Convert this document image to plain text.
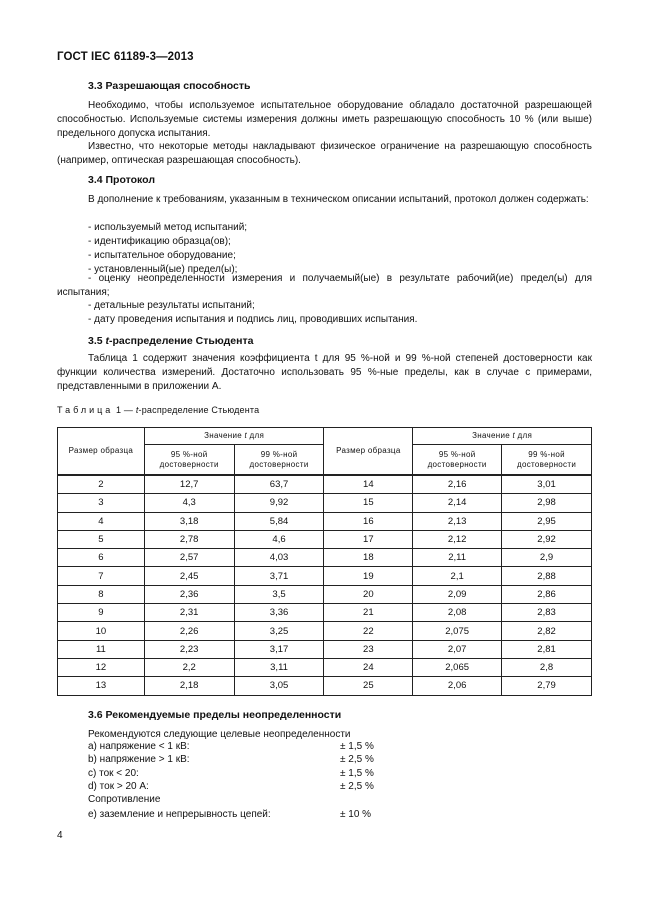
ГОСТ IEC 61189-3—2013
3.3 Разрешающая способность
Необходимо, чтобы используемое испытательное оборудование обладало достаточной разрешающей способностью. Используемые системы измерения должны иметь разрешающую способность 10 % (или выше) предельного допуска испытания.
Известно, что некоторые методы накладывают физическое ограничение на разрешающую способность (например, оптическая разрешающая способность).
3.4 Протокол
В дополнение к требованиям, указанным в техническом описании испытаний, протокол должен содержать:
- используемый метод испытаний;
- идентификацию образца(ов);
- испытательное оборудование;
- установленный(ые) предел(ы);
- оценку неопределенности измерения и получаемый(ые) в результате рабочий(ие) предел(ы) для испытания;
- детальные результаты испытаний;
- дату проведения испытания и подпись лиц, проводивших испытания.
3.5 t-распределение Стьюдента
Таблица 1 содержит значения коэффициента t для 95 %-ной и 99 %-ной степеней достоверности как функции количества измерений. Достаточно использовать 95 %-ные пределы, как в случае с примерами, представленными в приложении А.
Таблица 1 — t-распределение Стьюдента
Размер образца	Значение t для		Размер образца	Значение t для	
	95 %-ной достоверности	99 %-ной достоверности		95 %-ной достоверности	99 %-ной достоверности
2	12,7	63,7	14	2,16	3,01
3	4,3	9,92	15	2,14	2,98
4	3,18	5,84	16	2,13	2,95
5	2,78	4,6	17	2,12	2,92
6	2,57	4,03	18	2,11	2,9
7	2,45	3,71	19	2,1	2,88
8	2,36	3,5	20	2,09	2,86
9	2,31	3,36	21	2,08	2,83
10	2,26	3,25	22	2,075	2,82
11	2,23	3,17	23	2,07	2,81
12	2,2	3,11	24	2,065	2,8
13	2,18	3,05	25	2,06	2,79
3.6 Рекомендуемые пределы неопределенности
Рекомендуются следующие целевые неопределенности
а) напряжение < 1 кВ:	± 1,5 %
b) напряжение > 1 кВ:	± 2,5 %
c) ток < 20:	± 1,5 %
d) ток > 20 А:	± 2,5 %
Сопротивление
e) заземление и непрерывность цепей:	± 10 %
4
